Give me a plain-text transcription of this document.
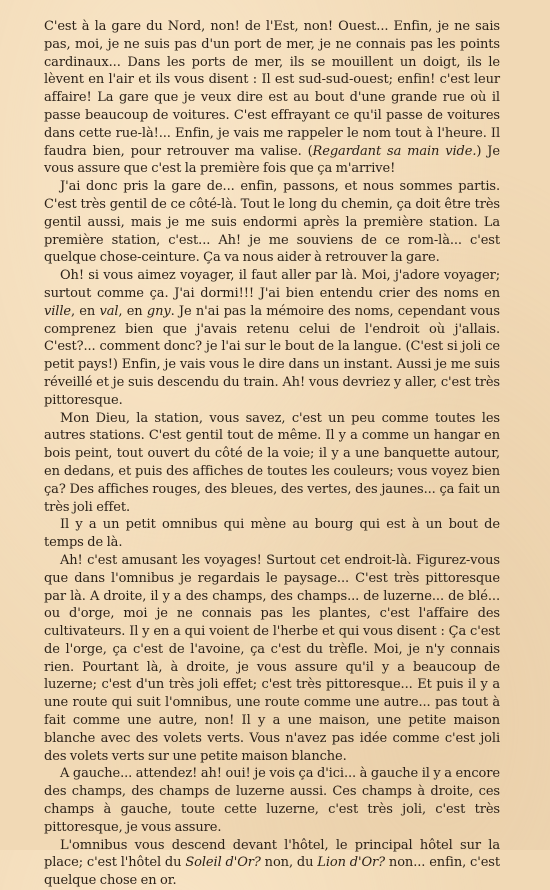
C'est à la gare du Nord, non! de l'Est, non! Ouest... Enfin, je ne sais pas, moi, je ne suis pas d'un port de mer, je ne connais pas les points cardinaux... Dans les ports de mer, ils se mouillent un doigt, ils le lèvent en l'air et ils vous disent : Il est sud-sud-ouest; enfin! c'est leur affaire! La gare que je veux dire est au bout d'une grande rue où il passe beaucoup de voitures. C'est effrayant ce qu'il passe de voitures dans cette rue-là!... Enfin, je vais me rappeler le nom tout à l'heure. Il faudra bien, pour retrouver ma valise. (Regardant sa main vide.) Je vous assure que c'est la première fois que ça m'arrive!

J'ai donc pris la gare de... enfin, passons, et nous sommes partis. C'est très gentil de ce côté-là. Tout le long du chemin, ça doit être très gentil aussi, mais je me suis endormi après la première station. La première station, c'est... Ah! je me souviens de ce rom-là... c'est quelque chose-ceinture. Ça va nous aider à retrouver la gare.

Oh! si vous aimez voyager, il faut aller par là. Moi, j'adore voyager; surtout comme ça. J'ai dormi!!! J'ai bien entendu crier des noms en ville, en val, en gny. Je n'ai pas la mémoire des noms, cependant vous comprenez bien que j'avais retenu celui de l'endroit où j'allais. C'est?... comment donc? je l'ai sur le bout de la langue. (C'est si joli ce petit pays!) Enfin, je vais vous le dire dans un instant. Aussi je me suis réveillé et je suis descendu du train. Ah! vous devriez y aller, c'est très pittoresque.

Mon Dieu, la station, vous savez, c'est un peu comme toutes les autres stations. C'est gentil tout de même. Il y a comme un hangar en bois peint, tout ouvert du côté de la voie; il y a une banquette autour, en dedans, et puis des affiches de toutes les couleurs; vous voyez bien ça? Des affiches rouges, des bleues, des vertes, des jaunes... ça fait un très joli effet.

Il y a un petit omnibus qui mène au bourg qui est à un bout de temps de là.

Ah! c'est amusant les voyages! Surtout cet endroit-là. Figurez-vous que dans l'omnibus je regardais le paysage... C'est très pittoresque par là. A droite, il y a des champs, des champs... de luzerne... de blé... ou d'orge, moi je ne connais pas les plantes, c'est l'affaire des cultivateurs. Il y en a qui voient de l'herbe et qui vous disent : Ça c'est de l'orge, ça c'est de l'avoine, ça c'est du trèfle. Moi, je n'y connais rien. Pourtant là, à droite, je vous assure qu'il y a beaucoup de luzerne; c'est d'un très joli effet; c'est très pittoresque... Et puis il y a une route qui suit l'omnibus, une route comme une autre... pas tout à fait comme une autre, non! Il y a une maison, une petite maison blanche avec des volets verts. Vous n'avez pas idée comme c'est joli des volets verts sur une petite maison blanche.

A gauche... attendez! ah! oui! je vois ça d'ici... à gauche il y a encore des champs, des champs de luzerne aussi. Ces champs à droite, ces champs à gauche, toute cette luzerne, c'est très joli, c'est très pittoresque, je vous assure.

L'omnibus vous descend devant l'hôtel, le principal hôtel sur la place; c'est l'hôtel du Soleil d'Or? non, du Lion d'Or? non... enfin, c'est quelque chose en or.
